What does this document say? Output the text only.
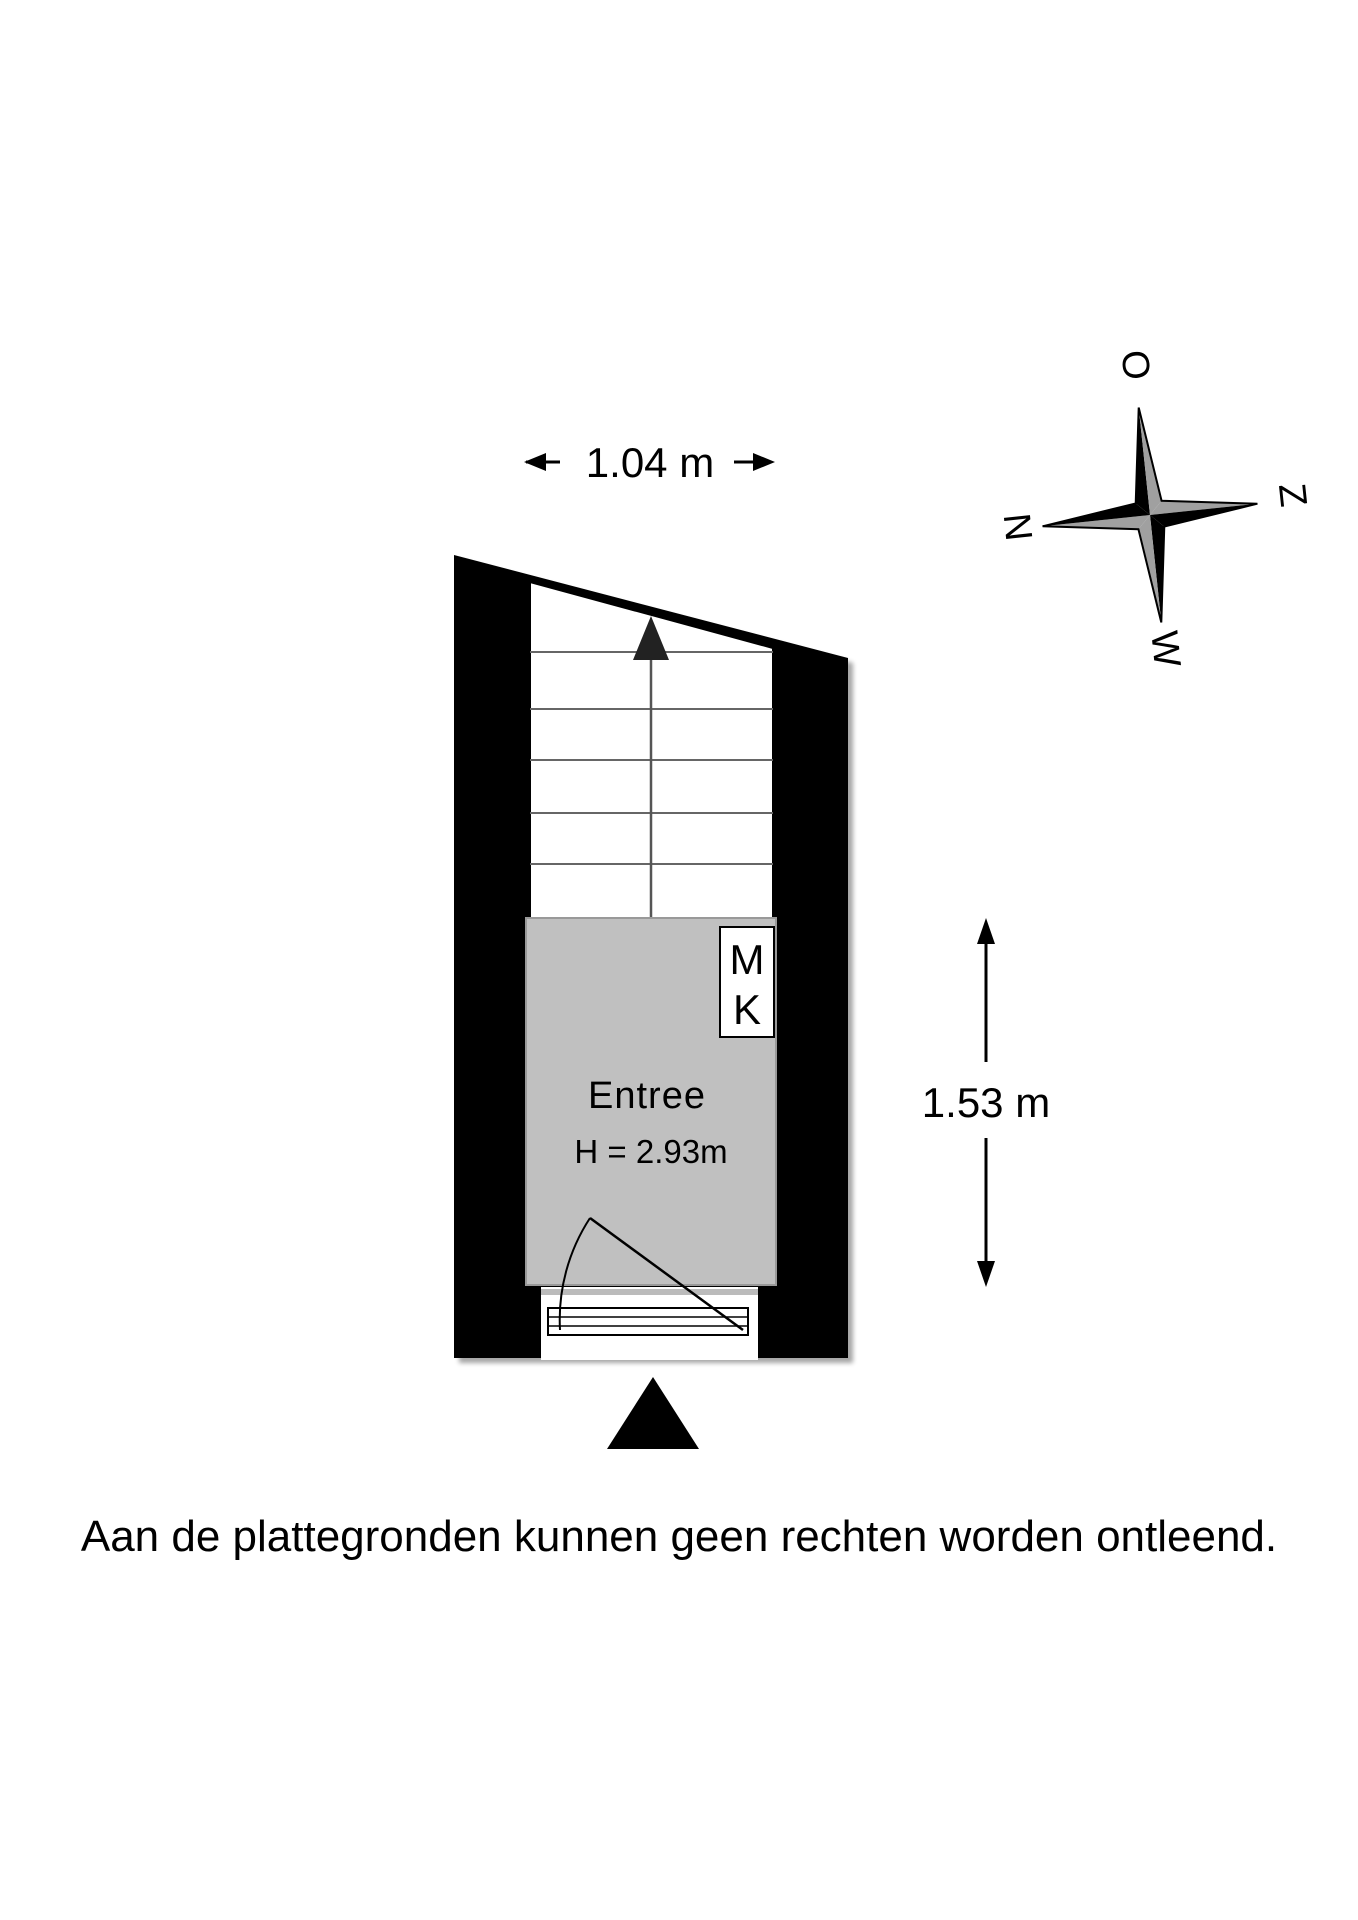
M
K
Entree
H = 2.93m
1.04 m
1.53 m
O
Z
W
N
Aan de plattegronden kunnen geen rechten worden ontleend.
